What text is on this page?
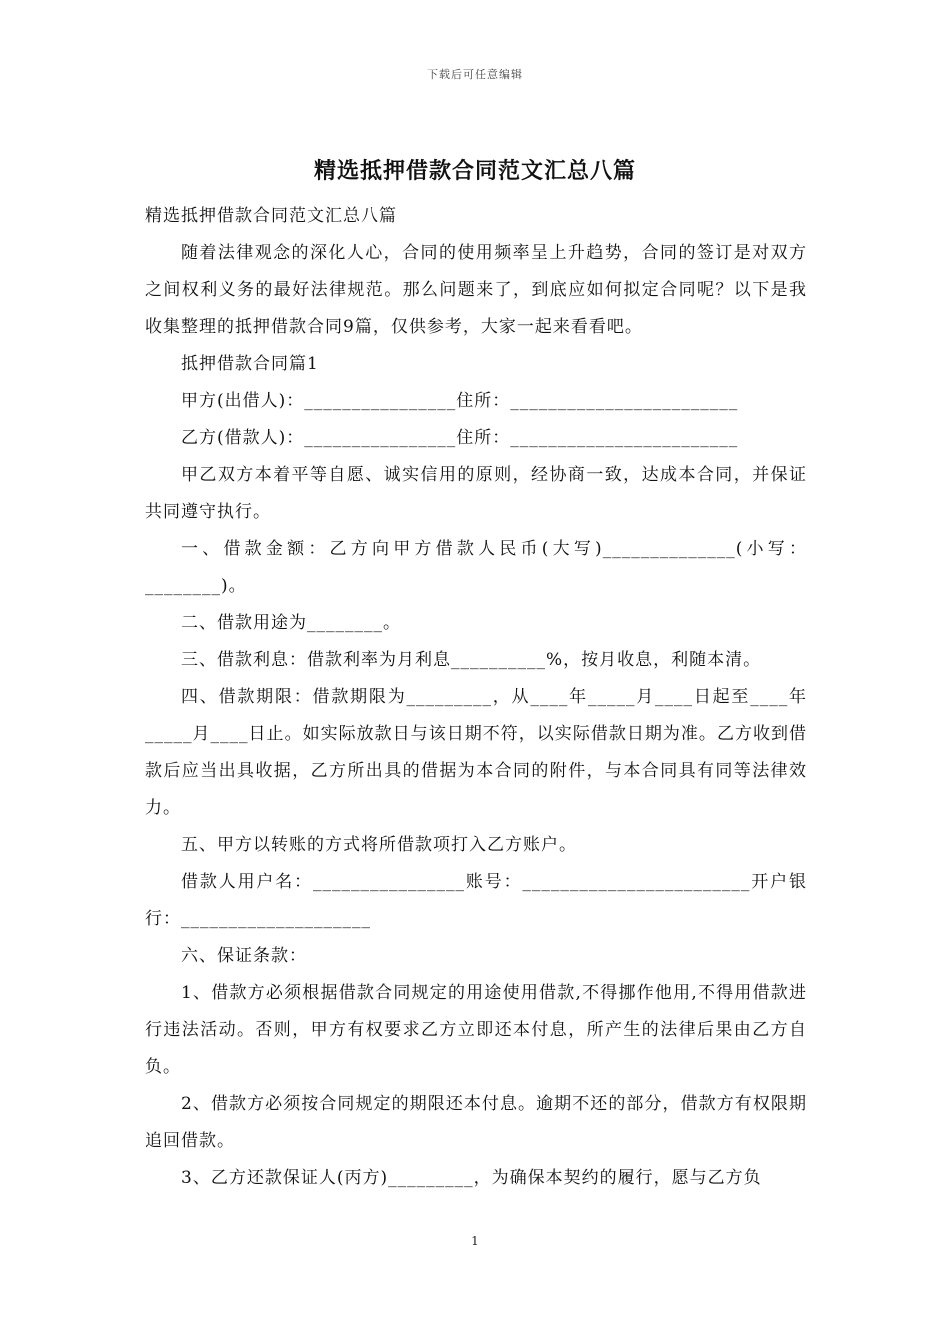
下载后可任意编辑
精选抵押借款合同范文汇总八篇

精选抵押借款合同范文汇总八篇

随着法律观念的深化人心，合同的使用频率呈上升趋势，合同的签订是对双方之间权利义务的最好法律规范。那么问题来了，到底应如何拟定合同呢？以下是我收集整理的抵押借款合同9篇，仅供参考，大家一起来看看吧。

抵押借款合同篇1

甲方(出借人)：________________住所：________________________

乙方(借款人)：________________住所：________________________

甲乙双方本着平等自愿、诚实信用的原则，经协商一致，达成本合同，并保证共同遵守执行。

一、借款金额：乙方向甲方借款人民币(大写)______________(小写：________)。

二、借款用途为________。

三、借款利息：借款利率为月利息__________%，按月收息，利随本清。

四、借款期限：借款期限为_________，从____年_____月____日起至____年_____月____日止。如实际放款日与该日期不符，以实际借款日期为准。乙方收到借款后应当出具收据，乙方所出具的借据为本合同的附件，与本合同具有同等法律效力。

五、甲方以转账的方式将所借款项打入乙方账户。

借款人用户名：________________账号：________________________开户银行：____________________

六、保证条款：

1、借款方必须根据借款合同规定的用途使用借款,不得挪作他用,不得用借款进行违法活动。否则，甲方有权要求乙方立即还本付息，所产生的法律后果由乙方自负。

2、借款方必须按合同规定的期限还本付息。逾期不还的部分，借款方有权限期追回借款。

3、乙方还款保证人(丙方)_________，为确保本契约的履行，愿与乙方负

1
